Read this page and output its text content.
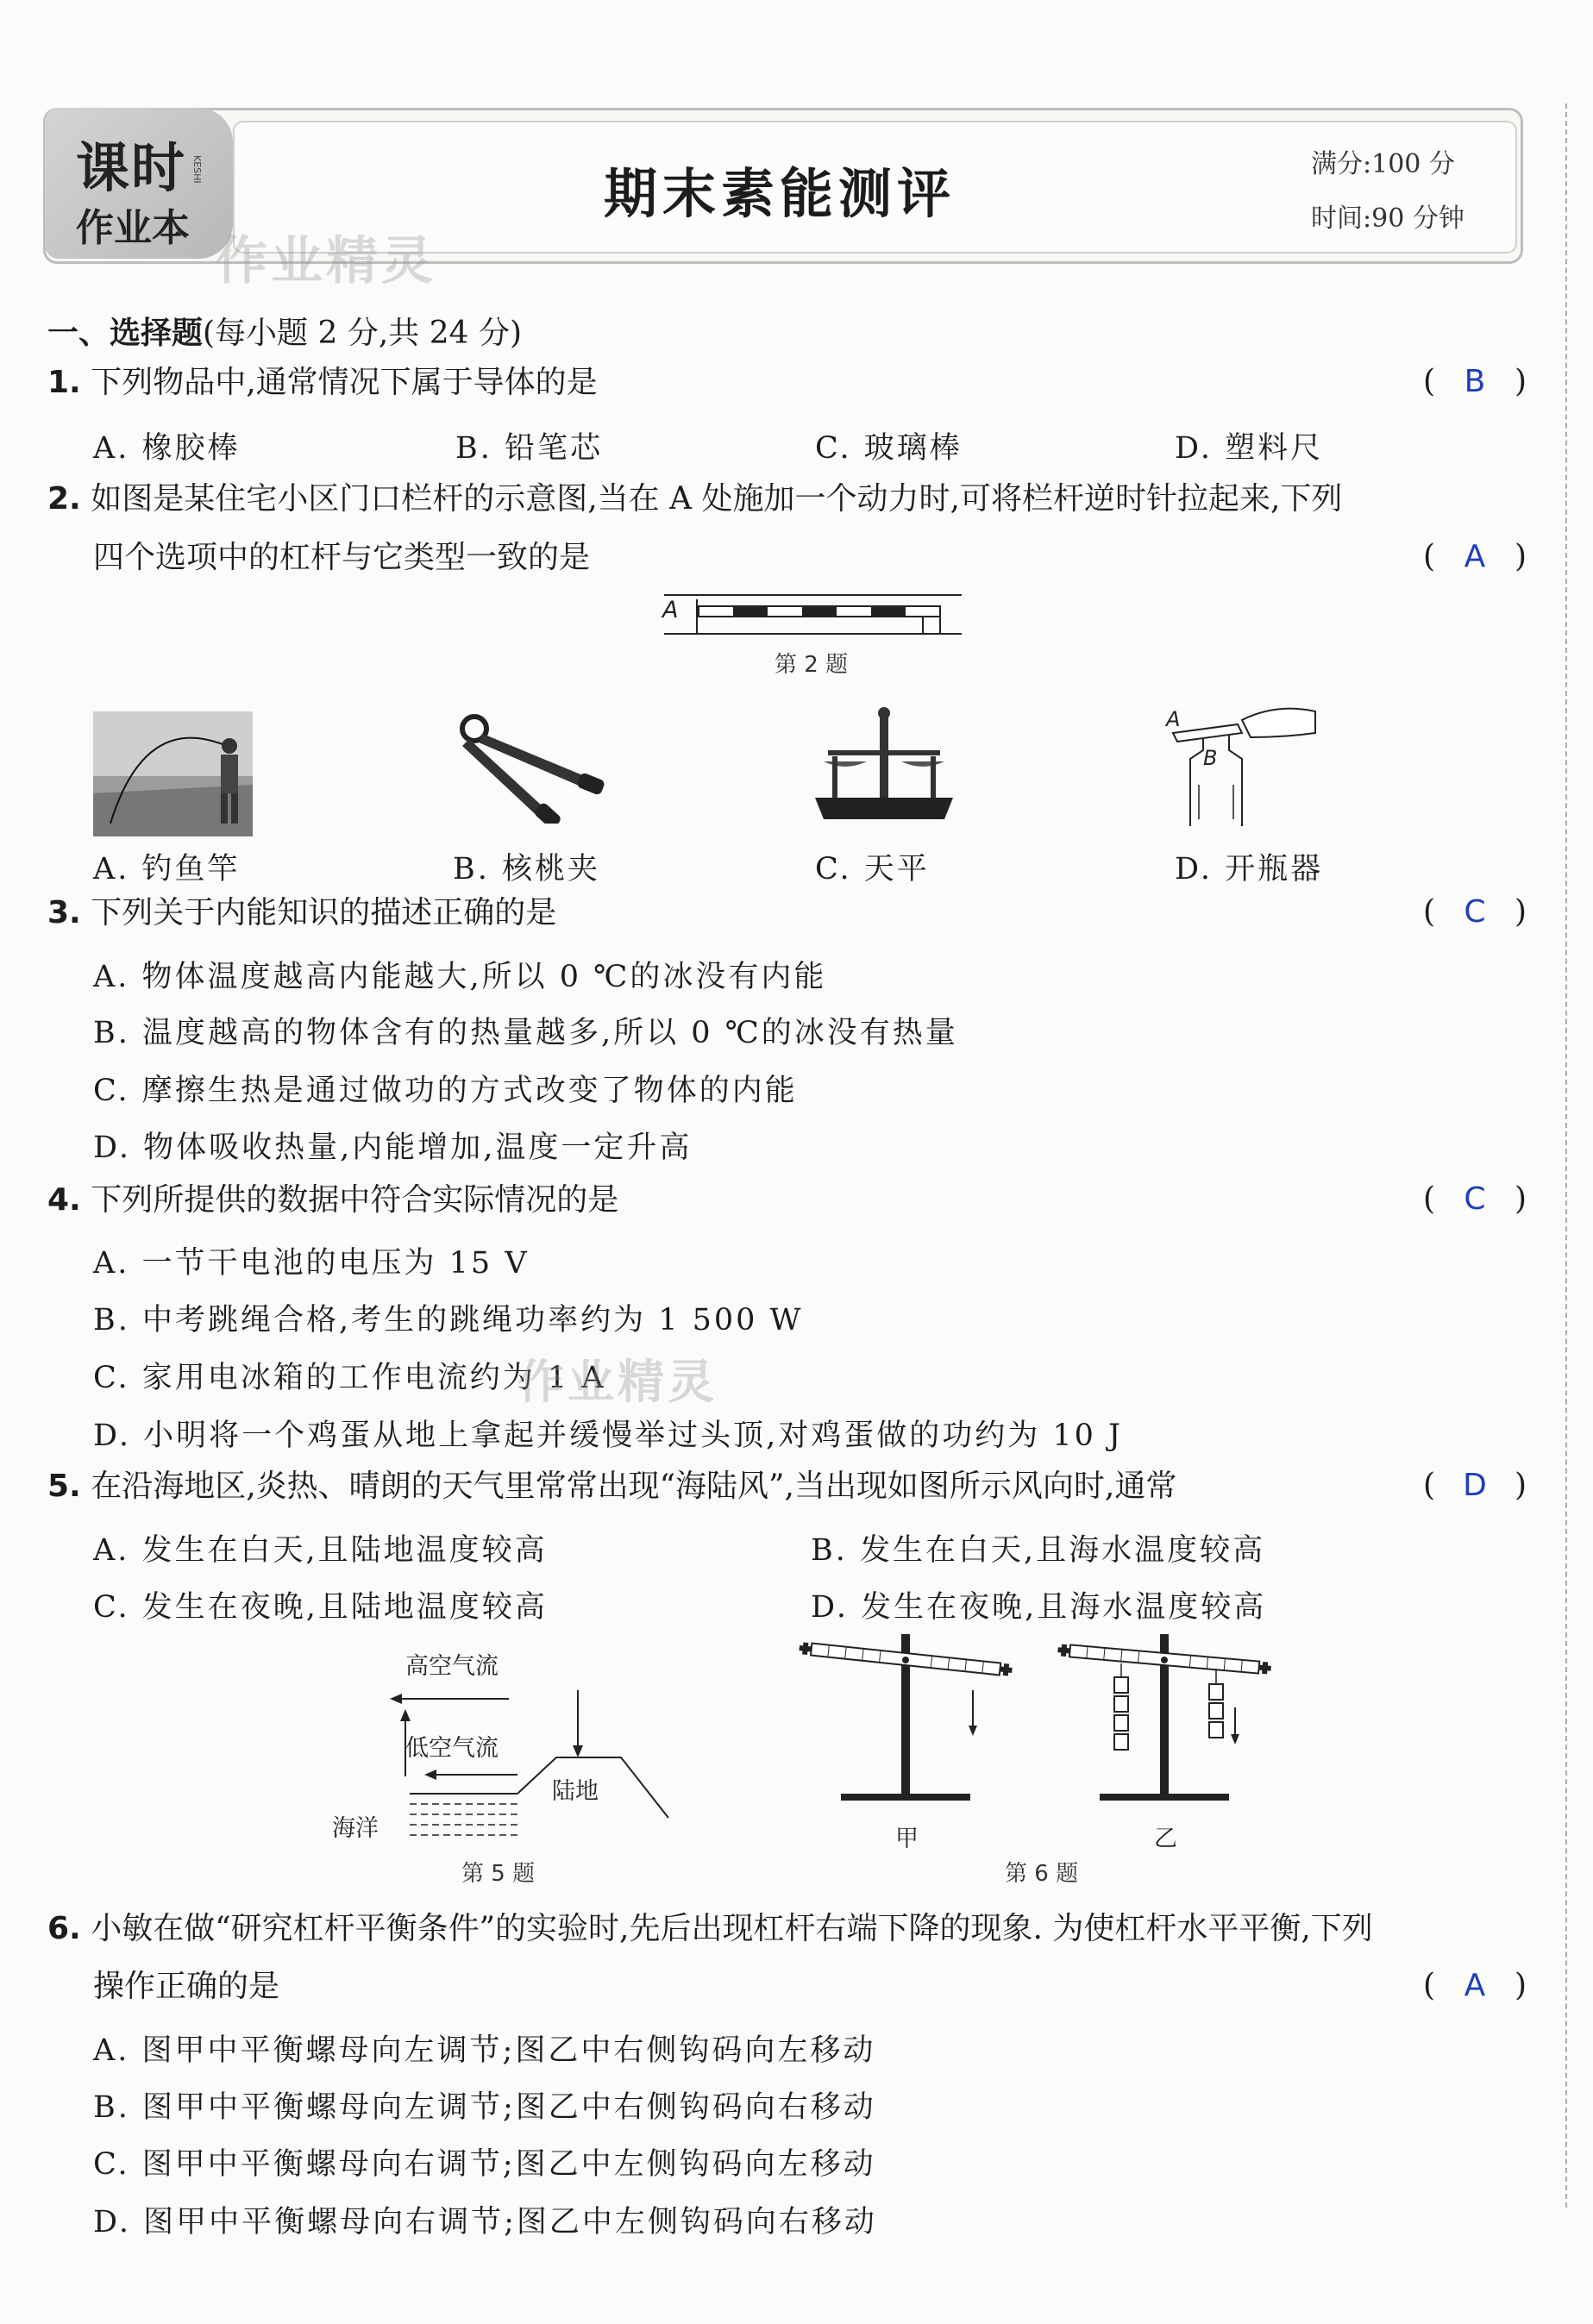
课时
作业本
KESHI
作业精灵
期末素能测评	满分:100 分
时间:90 分钟
一、选择题(每小题 2 分,共 24 分)
1. 下列物品中,通常情况下属于导体的是	( B )
A. 橡胶棒	B. 铅笔芯	C. 玻璃棒	D. 塑料尺
2. 如图是某住宅小区门口栏杆的示意图,当在 A 处施加一个动力时,可将栏杆逆时针拉起来,下列
四个选项中的杠杆与它类型一致的是	( A )
A
第 2 题
A
B
A. 钓鱼竿	B. 核桃夹	C. 天平	D. 开瓶器
3. 下列关于内能知识的描述正确的是	( C )
A. 物体温度越高内能越大,所以 0 ℃的冰没有内能
B. 温度越高的物体含有的热量越多,所以 0 ℃的冰没有热量
C. 摩擦生热是通过做功的方式改变了物体的内能
D. 物体吸收热量,内能增加,温度一定升高
4. 下列所提供的数据中符合实际情况的是	( C )
A. 一节干电池的电压为 15 V
B. 中考跳绳合格,考生的跳绳功率约为 1 500 W
C. 家用电冰箱的工作电流约为 1 A
作业精灵
D. 小明将一个鸡蛋从地上拿起并缓慢举过头顶,对鸡蛋做的功约为 10 J
5. 在沿海地区,炎热、晴朗的天气里常常出现“海陆风”,当出现如图所示风向时,通常	( D )
A. 发生在白天,且陆地温度较高	B. 发生在白天,且海水温度较高
C. 发生在夜晚,且陆地温度较高	D. 发生在夜晚,且海水温度较高
高空气流
低空气流
陆地
海洋
第 5 题
甲	乙
第 6 题
6. 小敏在做“研究杠杆平衡条件”的实验时,先后出现杠杆右端下降的现象. 为使杠杆水平平衡,下列
操作正确的是	( A )
A. 图甲中平衡螺母向左调节;图乙中右侧钩码向左移动
B. 图甲中平衡螺母向左调节;图乙中右侧钩码向右移动
C. 图甲中平衡螺母向右调节;图乙中左侧钩码向左移动
D. 图甲中平衡螺母向右调节;图乙中左侧钩码向右移动
